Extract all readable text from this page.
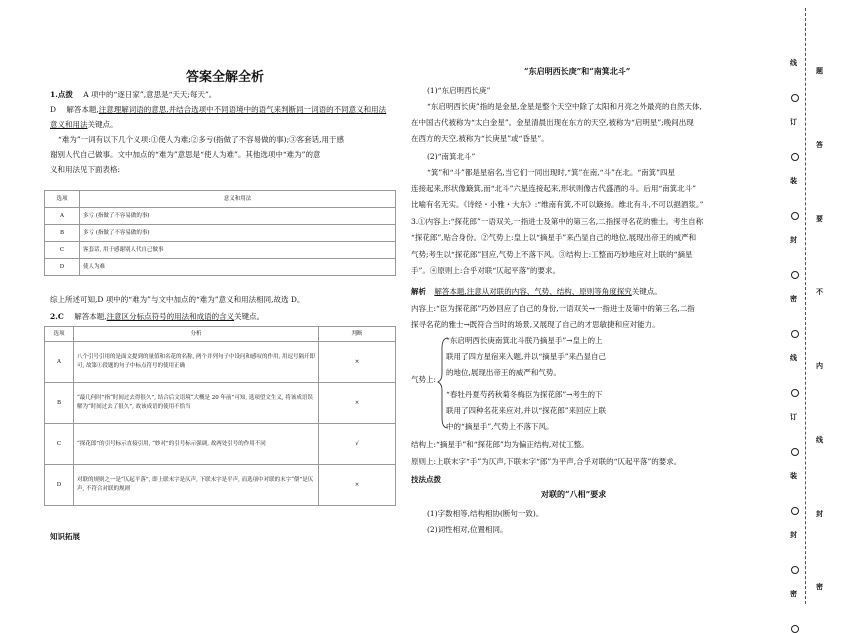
答案全解全析
1.点拨 A 项中的“逐日家”,意思是“天天;每天”。
D 解答本题,注意理解词语的意思,并结合选项中不同语境中的语气来判断同一词语的不同意义和用法
意义和用法关键点。
“难为”一词有以下几个义项:①使人为难;②多亏(指做了不容易做的事);③客套话,用于感
谢别人代自己做事。文中加点的“难为”意思是“使人为难”。其他选项中“难为”的意
义和用法见下面表格:
选项	意义和用法
A	多亏 (指做了不容易做的事)
B	多亏 (指做了不容易做的事)
C	客套话, 用于感谢别人代自己做事
D	使人为难
综上所述可知,D 项中的“难为”与文中加点的“难为”意义和用法相同,故选 D。
2.C 解答本题,注意区分标点符号的用法和成语的含义关键点。
选项	分析	判断
A	八个引号引用的是面文提到的量值和名花的名称, 两个并列句子中设问和感叹的作用, 用逗号隔开即可, 故第①段题的句子中标点符号的使用正确	×
B	“最几何时”指“时间过去得很久”, 结合后文语境“大概是 20 年前”可知, 选项望文生义, 将该成语误解为“时间过去了很久”, 故该成语的使用不恰当	×
C	“探花郎”的引号标示直接引用, “妙对”的引号标示强调, 故两处引号的作用不同	√
D	对联的规则之一是“仄起平落”, 即上联末字是仄声, 下联末字是平声, 而选项中对联的末字“偎”是仄声, 不符合对联的规则	×
知识拓展
“东启明西长庚”和“南箕北斗”
(1)“东启明西长庚”
“东启明西长庚”指的是金星,金星是整个天空中除了太阳和月亮之外最亮的自然天体,
在中国古代被称为“太白金星”。金星清晨出现在东方的天空,被称为“启明星”;晚间出现
在西方的天空,被称为“长庚星”或“昏星”。
(2)“南箕北斗”
“箕”和“斗”都是星宿名,当它们一同出现时,“箕”在南,“斗”在北。“南箕”四星
连接起来,形状像簸箕,而“北斗”六星连接起来,形状则像古代盛酒的斗。后用“南箕北斗”
比喻有名无实。《诗经・小雅・大东》:“维南有箕,不可以簸扬。维北有斗,不可以挹酒浆。”
3.①内容上:“探花郎”一语双关,一指进士及第中的第三名,二指探寻名花的雅士。考生自称
“探花郎”,贴合身份。②气势上:皇上以“摘星手”来凸显自己的地位,展现出帝王的威严和
气势;考生以“探花郎”回应,气势上不落下风。③结构上:工整而巧妙地应对上联的“摘星
手”。④原则上:合乎对联“仄起平落”的要求。
解析 解答本题,注意从对联的内容、气势、结构、原则等角度探究关键点。
内容上:“臣为探花郎”巧妙回应了自己的身份,一语双关→一指进士及第中的第三名,二指
探寻名花的雅士→既符合当时的场景,又展现了自己的才思敏捷和应对能力。
气势上:
“东启明西长庚南箕北斗朕乃摘星手”→皇上的上
联用了四方星宿来入题,并以“摘星手”来凸显自己
的地位,展现出帝王的威严和气势。
“春牡丹夏芍药秋菊冬梅臣为探花郎”→考生的下
联用了四种名花来应对,并以“探花郎”来回应上联
中的“摘星手”,气势上不落下风。
结构上:“摘星手”和“探花郎”均为偏正结构,对仗工整。
原则上:上联末字“手”为仄声,下联末字“郎”为平声,合乎对联的“仄起平落”的要求。
技法点拨
对联的“八相”要求
(1)字数相等,结构相协(断句一致)。
(2)词性相对,位置相同。
线
订
装
封
密
线
订
装
封
密
题
答
要
不
内
线
封
密
